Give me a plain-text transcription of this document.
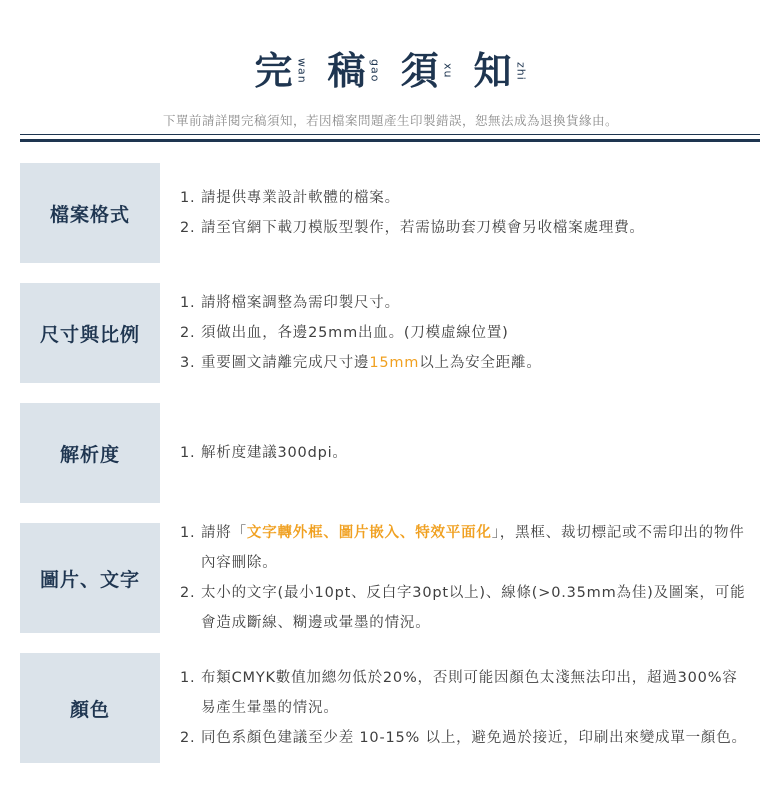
完 wan 稿 gao 須 xu 知 zhi
下單前請詳閱完稿須知，若因檔案問題產生印製錯誤，恕無法成為退換貨緣由。
檔案格式
1. 請提供專業設計軟體的檔案。
2. 請至官網下載刀模版型製作，若需協助套刀模會另收檔案處理費。
尺寸與比例
1. 請將檔案調整為需印製尺寸。
2. 須做出血，各邊25mm出血。(刀模虛線位置)
3. 重要圖文請離完成尺寸邊15mm以上為安全距離。
解析度	1. 解析度建議300dpi。
圖片、文字
1. 請將「文字轉外框、圖片嵌入、特效平面化」，黑框、裁切標記或不需印出的物件內容刪除。
2. 太小的文字(最小10pt、反白字30pt以上)、線條(>0.35mm為佳)及圖案，可能會造成斷線、糊邊或暈墨的情況。
顏色
1. 布類CMYK數值加總勿低於20%，否則可能因顏色太淺無法印出，超過300%容易產生暈墨的情況。
2. 同色系顏色建議至少差 10-15% 以上，避免過於接近，印刷出來變成單一顏色。
